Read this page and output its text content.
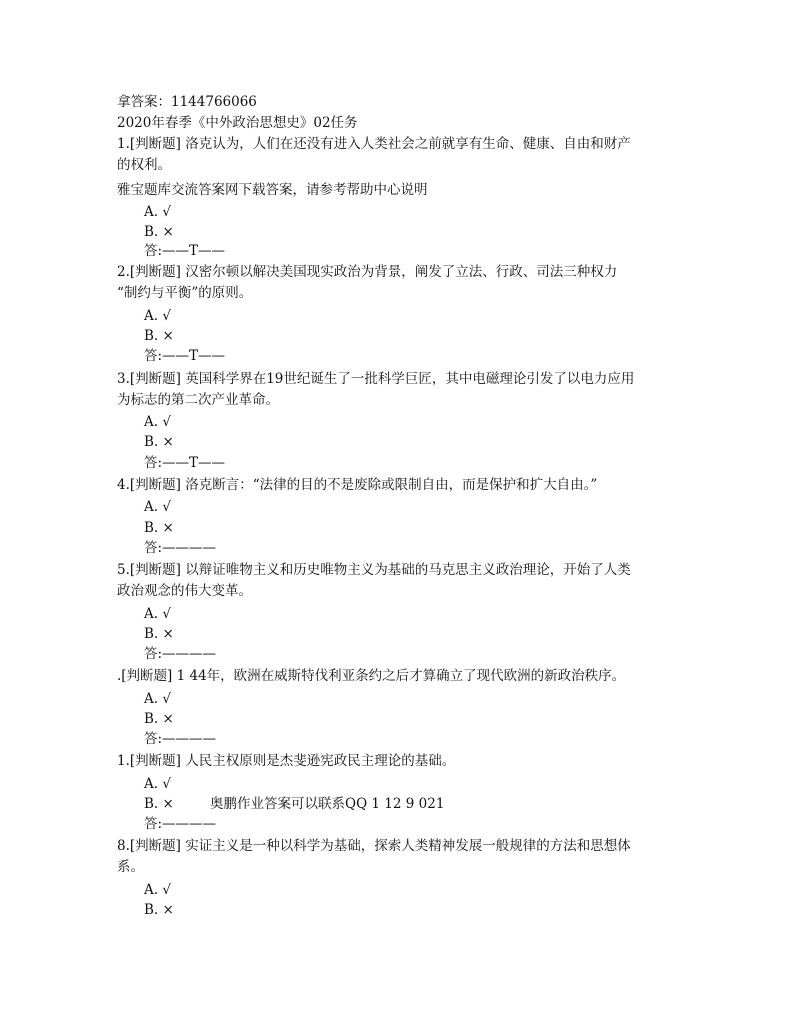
拿答案：1144766066
2020年春季《中外政治思想史》02任务
1.[判断题] 洛克认为，人们在还没有进入人类社会之前就享有生命、健康、自由和财产
的权利。
雅宝题库交流答案网下载答案，请参考帮助中心说明
A. √
B. ×
答:——T——
2.[判断题] 汉密尔顿以解决美国现实政治为背景，阐发了立法、行政、司法三种权力
“制约与平衡”的原则。
A. √
B. ×
答:——T——
3.[判断题] 英国科学界在19世纪诞生了一批科学巨匠，其中电磁理论引发了以电力应用
为标志的第二次产业革命。
A. √
B. ×
答:——T——
4.[判断题] 洛克断言：“法律的目的不是废除或限制自由，而是保护和扩大自由。”
A. √
B. ×
答:————
5.[判断题] 以辩证唯物主义和历史唯物主义为基础的马克思主义政治理论，开始了人类
政治观念的伟大变革。
A. √
B. ×
答:————
.[判断题] 1 44年，欧洲在威斯特伐利亚条约之后才算确立了现代欧洲的新政治秩序。
A. √
B. ×
答:————
1.[判断题] 人民主权原则是杰斐逊宪政民主理论的基础。
A. √
B. ×	奥鹏作业答案可以联系QQ 1 12 9 021
答:————
8.[判断题] 实证主义是一种以科学为基础，探索人类精神发展一般规律的方法和思想体
系。
A. √
B. ×
